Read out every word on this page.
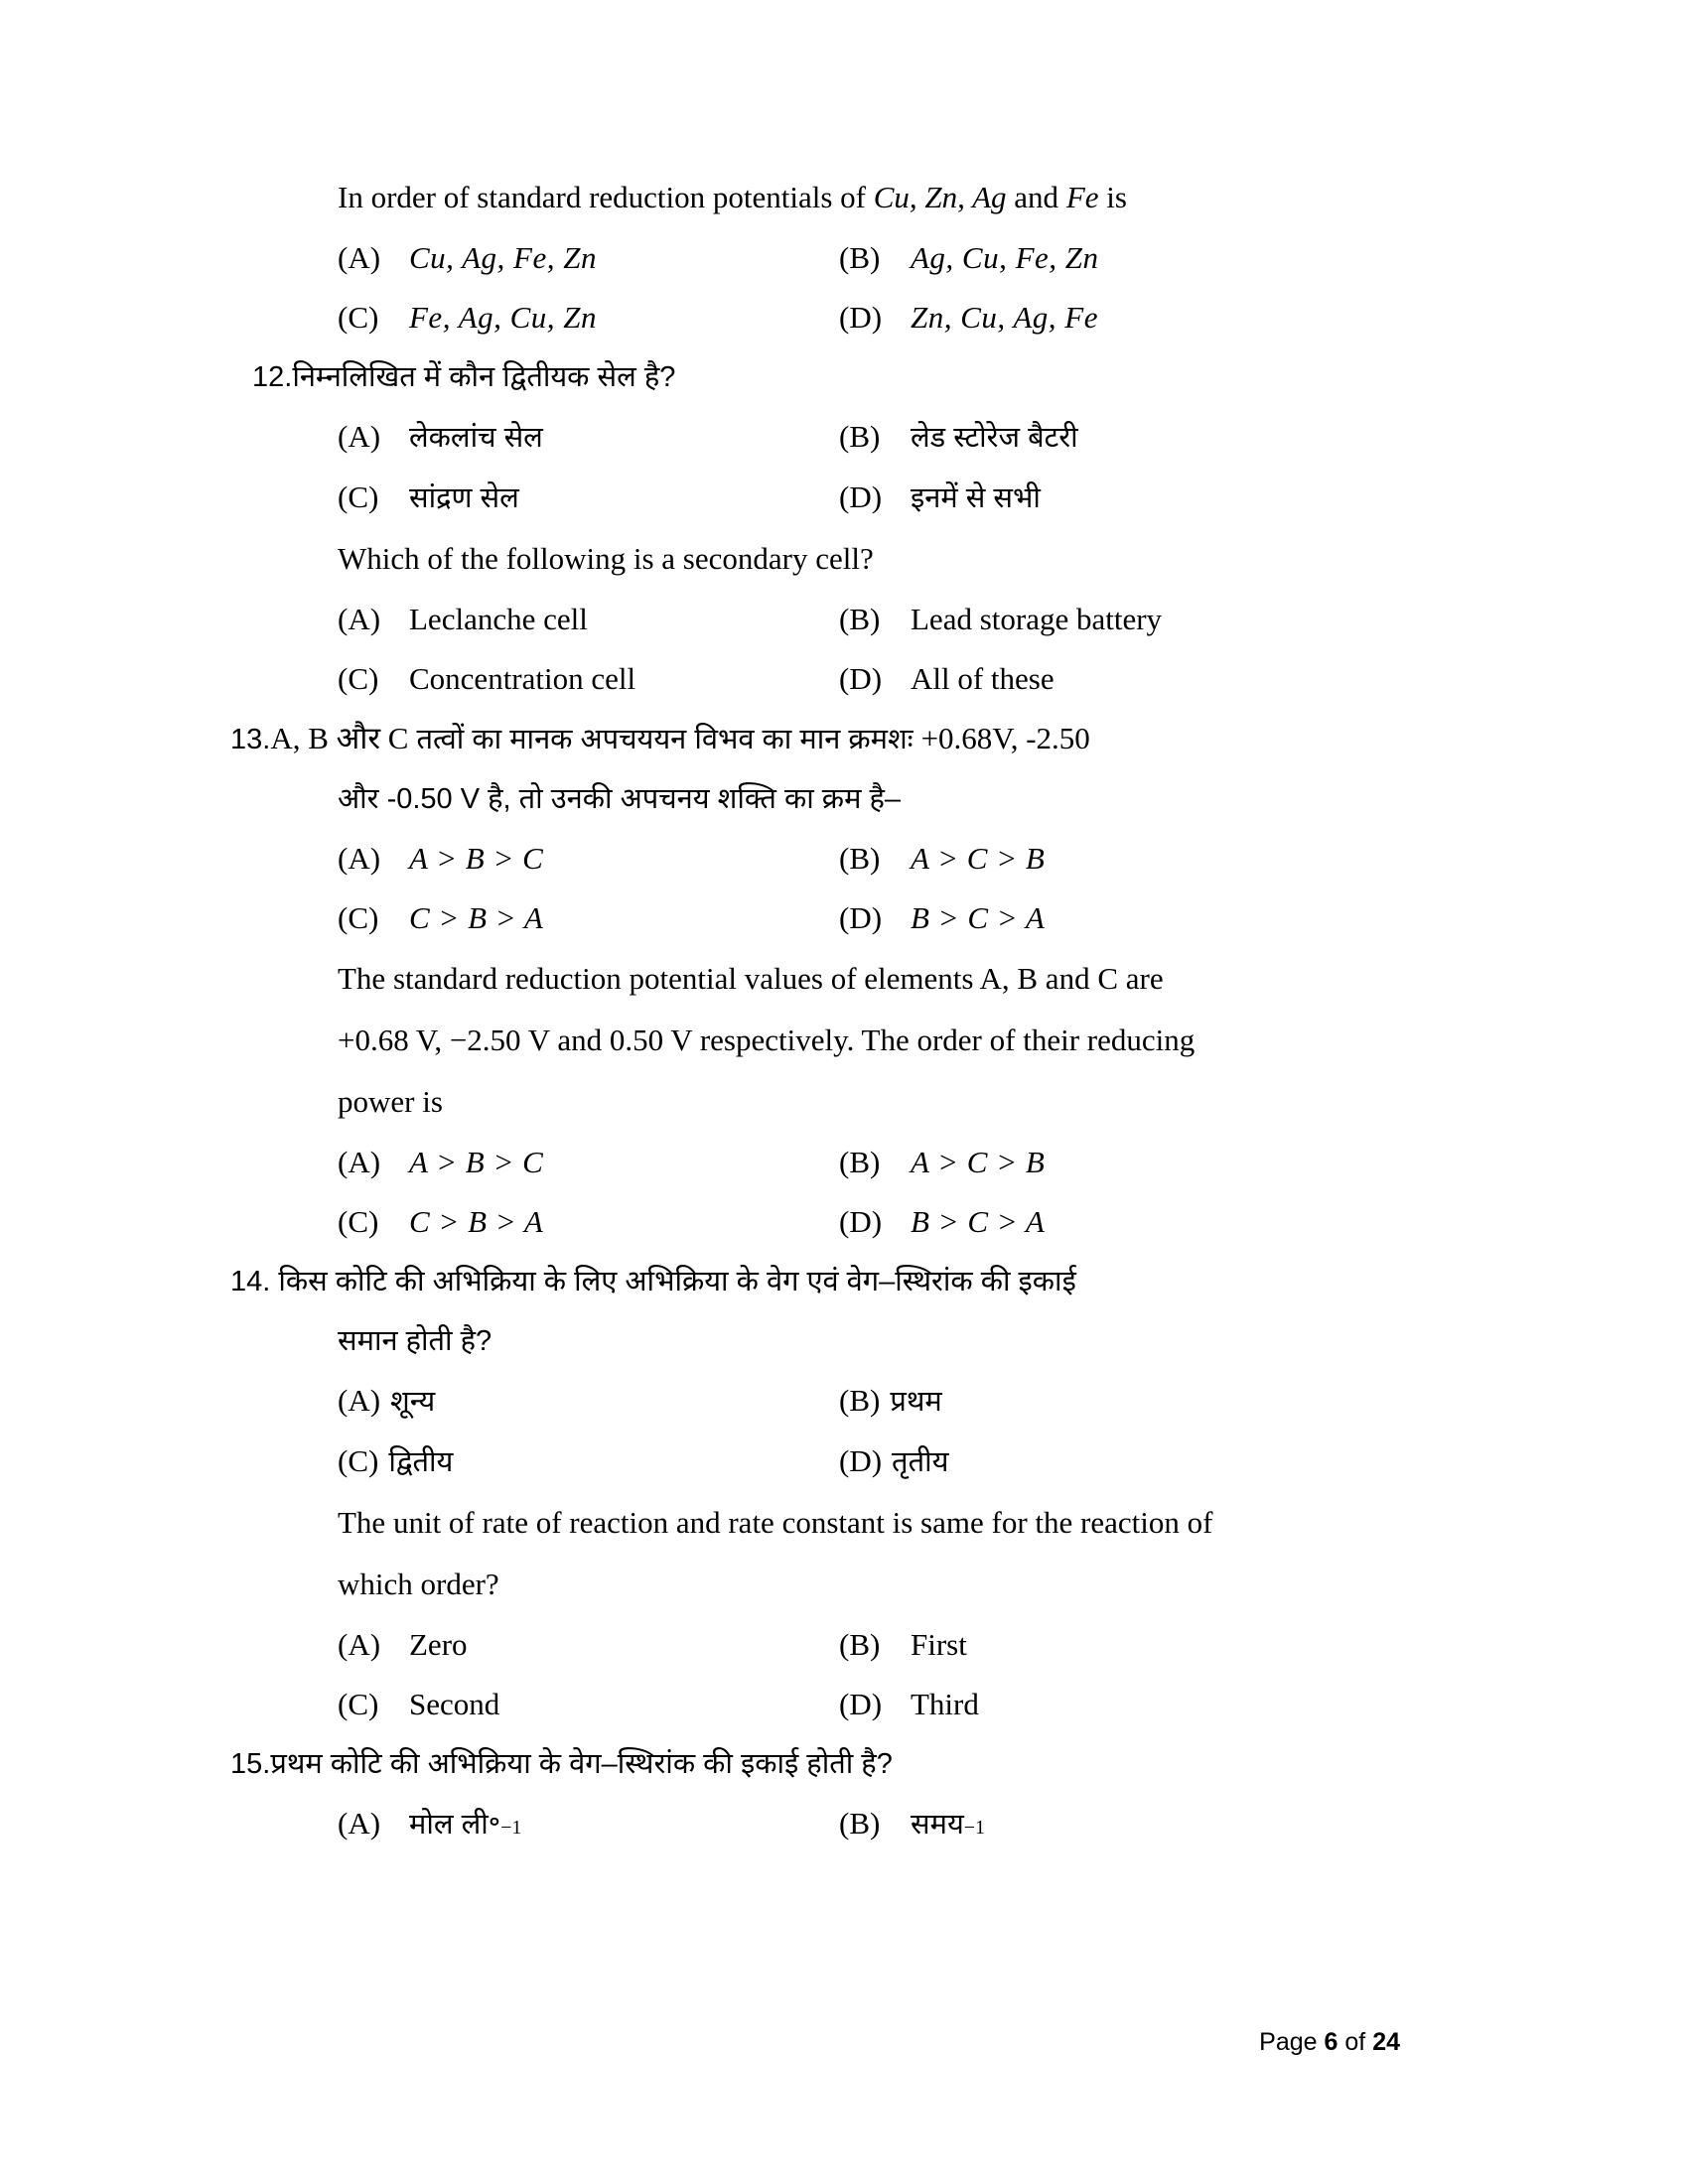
In order of standard reduction potentials of Cu, Zn, Ag and Fe is
(A) Cu, Ag, Fe, Zn	(B) Ag, Cu, Fe, Zn
(C) Fe, Ag, Cu, Zn	(D) Zn, Cu, Ag, Fe
12.निम्नलिखित में कौन द्वितीयक सेल है?
(A) लेकलांच सेल	(B)	लेड स्टोरेज बैटरी
(C)	सांद्रण सेल	(D) इनमें से सभी
Which of the following is a secondary cell?
(A) Leclanche cell	(B) Lead storage battery
(C) Concentration cell	(D) All of these
13.A, B और C तत्वों का मानक अपचययन विभव का मान क्रमशः +0.68V, -2.50
और -0.50 V है, तो उनकी अपचनय शक्ति का क्रम है–
(A) A > B > C	(B) A > C > B
(C) C > B > A	(D) B > C > A
The standard reduction potential values of elements A, B and C are
+0.68 V, −2.50 V and 0.50 V respectively. The order of their reducing
power is
(A) A > B > C	(B) A > C > B
(C) C > B > A	(D) B > C > A
14. किस कोटि की अभिक्रिया के लिए अभिक्रिया के वेग एवं वेग–स्थिरांक की इकाई
समान होती है?
(A) शून्य	(B) प्रथम
(C) द्वितीय	(D) तृतीय
The unit of rate of reaction and rate constant is same for the reaction of
which order?
(A) Zero	(B) First
(C) Second	(D) Third
15.प्रथम कोटि की अभिक्रिया के वेग–स्थिरांक की इकाई होती है?
(A) मोल ली॰ −1	(B)	समय −1
Page 6 of 24
